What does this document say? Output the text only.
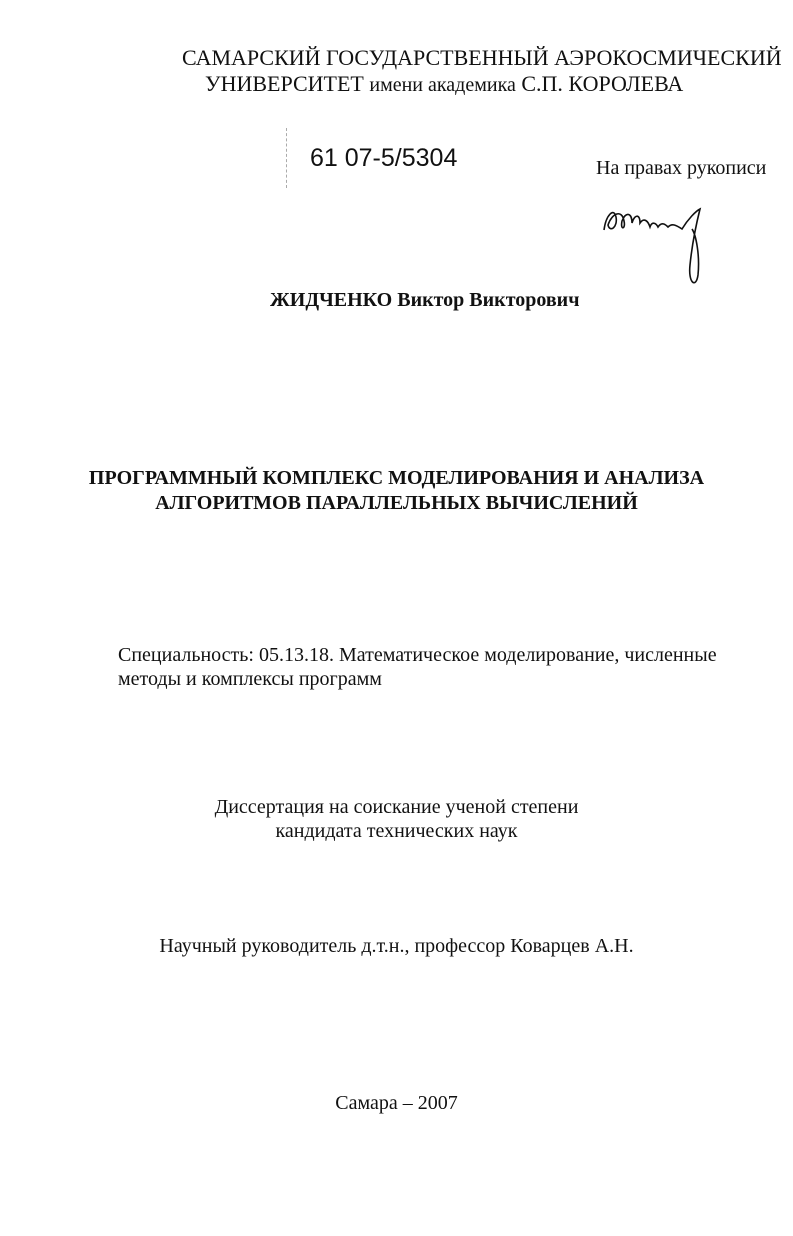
САМАРСКИЙ ГОСУДАРСТВЕННЫЙ АЭРОКОСМИЧЕСКИЙ
УНИВЕРСИТЕТ имени академика С.П. КОРОЛЕВА
61 07-5/5304	На правах рукописи
ЖИДЧЕНКО Виктор Викторович
ПРОГРАММНЫЙ КОМПЛЕКС МОДЕЛИРОВАНИЯ И АНАЛИЗА
АЛГОРИТМОВ ПАРАЛЛЕЛЬНЫХ ВЫЧИСЛЕНИЙ
Специальность: 05.13.18. Математическое моделирование, численные
методы и комплексы программ
Диссертация на соискание ученой степени
кандидата технических наук
Научный руководитель д.т.н., профессор Коварцев А.Н.
Самара – 2007
